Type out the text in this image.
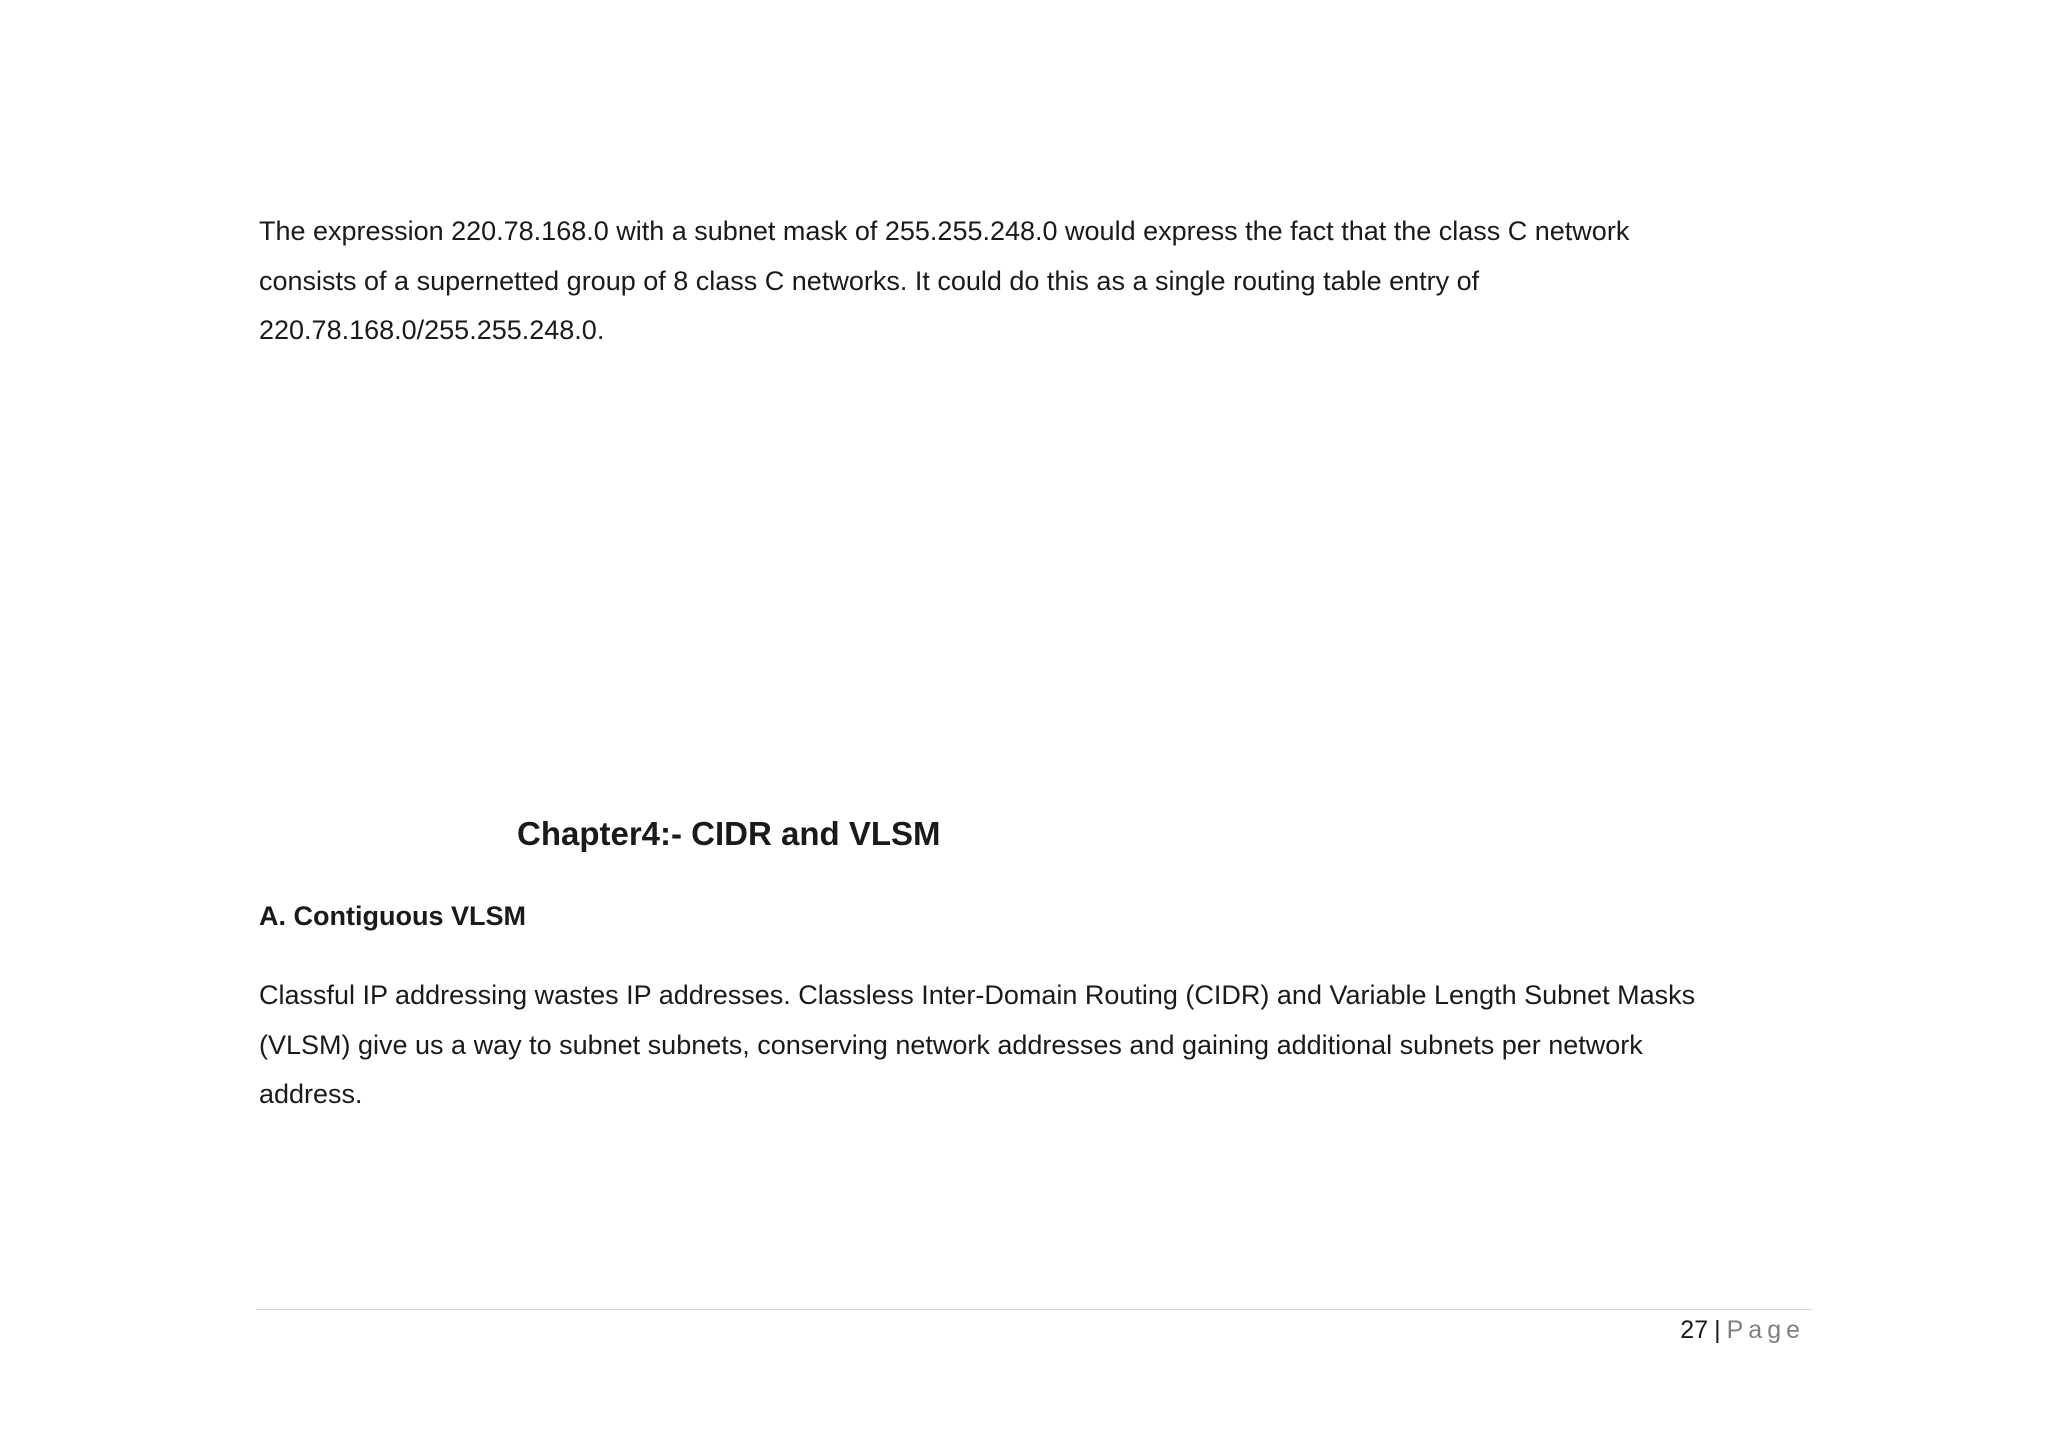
The expression 220.78.168.0 with a subnet mask of 255.255.248.0 would express the fact that the class C network
consists of a supernetted group of 8 class C networks. It could do this as a single routing table entry of
220.78.168.0/255.255.248.0.

Chapter4:- CIDR and VLSM
A. Contiguous VLSM

Classful IP addressing wastes IP addresses. Classless Inter-Domain Routing (CIDR) and Variable Length Subnet Masks
(VLSM) give us a way to subnet subnets, conserving network addresses and gaining additional subnets per network
address.

27 | Page
